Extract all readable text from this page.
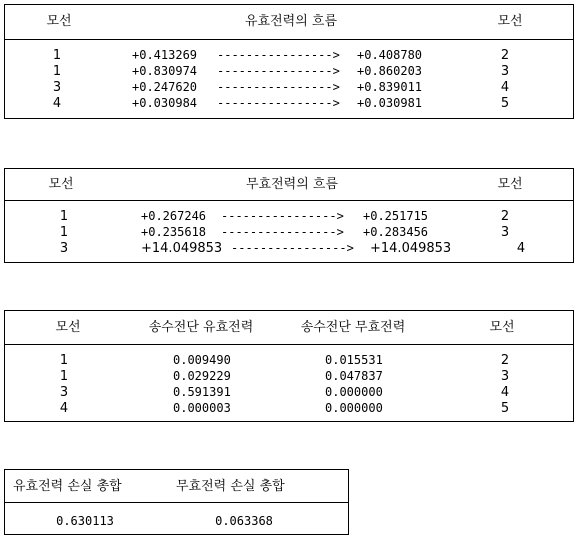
모선	유효전력의 흐름	모선
1	+0.413269 ----------------> +0.408780	2
1	+0.830974 ----------------> +0.860203	3
3	+0.247620 ----------------> +0.839011	4
4	+0.030984 ----------------> +0.030981	5
모선	무효전력의 흐름	모선
1	+0.267246 ----------------> +0.251715	2
1	+0.235618 ----------------> +0.283456	3
3	+14.049853 ----------------> +14.049853	4
모선	송수전단 유효전력	송수전단 무효전력	모선
1	0.009490	0.015531	2
1	0.029229	0.047837	3
3	0.591391	0.000000	4
4	0.000003	0.000000	5
유효전력 손실 총합	무효전력 손실 총합
0.630113	0.063368
